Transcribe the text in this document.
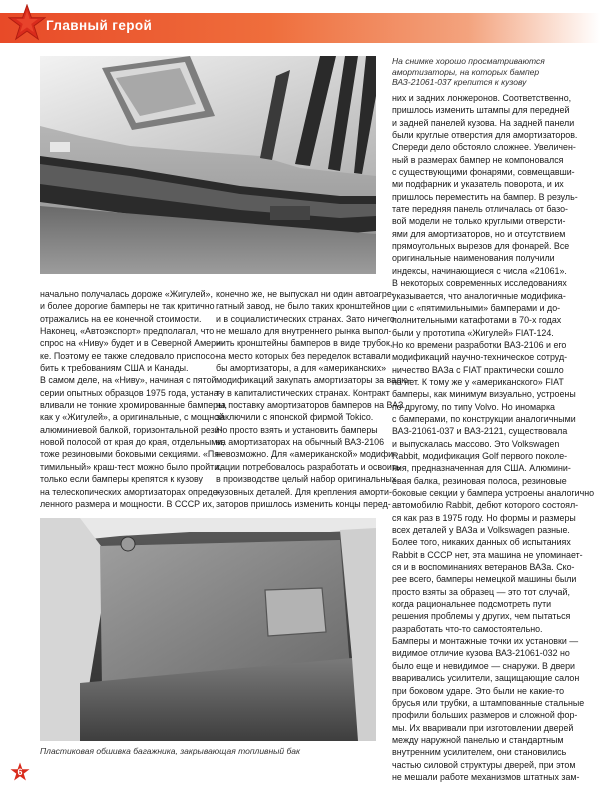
Главный герой
На снимке хорошо просматриваются
амортизаторы, на которых бампер
ВАЗ-21061-037 крепится к кузову
них и задних лонжеронов. Соответственно,
пришлось изменить штампы для передней
и задней панелей кузова. На задней панели
были круглые отверстия для амортизаторов.
Спереди дело обстояло сложнее. Увеличен-
ный в размерах бампер не компоновался
с существующими фонарями, совмещавши-
ми подфарник и указатель поворота, и их
пришлось переместить на бампер. В резуль-
тате передняя панель отличалась от базо-
вой модели не только круглыми отверсти-
ями для амортизаторов, но и отсутствием
прямоугольных вырезов для фонарей. Все
оригинальные наименования получили
индексы, начинающиеся с числа «21061».
В некоторых современных исследованиях
указывается, что аналогичные модифика-
ции с «пятимильными» бамперами и до-
полнительными катафотами в 70-х годах
были у прототипа «Жигулей» FIAT-124.
Но ко времени разработки ВАЗ-2106 и его
модификаций научно-техническое сотруд-
ничество ВАЗа с FIAT практически сошло
на нет. К тому же у «американского» FIAT
бамперы, как минимум визуально, устроены
по-другому, по типу Volvo. Но иномарка
с бамперами, по конструкции аналогичными
ВАЗ-21061-037 и ВАЗ-2121, существовала
и выпускалась массово. Это Volkswagen
Rabbit, модификация Golf первого поколе-
ния, предназначенная для США. Алюмини-
евая балка, резиновая полоса, резиновые
боковые секции у бампера устроены аналогично
автомобилю Rabbit, дебют которого состоял-
ся как раз в 1975 году. Но формы и размеры
всех деталей у ВАЗа и Volkswagen разные.
Более того, никаких данных об испытаниях
Rabbit в СССР нет, эта машина не упоминает-
ся и в воспоминаниях ветеранов ВАЗа. Ско-
рее всего, бамперы немецкой машины были
просто взяты за образец — это тот случай,
когда рациональнее подсмотреть пути
решения проблемы у других, чем пытаться
разработать что-то самостоятельно.
Бамперы и монтажные точки их установки —
видимое отличие кузова ВАЗ-21061-032 но
было еще и невидимое — снаружи. В двери
вваривались усилители, защищающие салон
при боковом ударе. Это были не какие-то
брусья или трубки, а штампованные стальные
профили больших размеров и сложной фор-
мы. Их вваривали при изготовлении дверей
между наружной панелью и стандартным
внутренним усилителем, они становились
частью силовой структуры дверей, при этом
не мешали работе механизмов штатных зам-
начально получалась дороже «Жигулей»,
и более дорогие бамперы не так критично
отражались на ее конечной стоимости.
Наконец, «Автоэкспорт» предполагал, что
спрос на «Ниву» будет и в Северной Амери-
ке. Поэтому ее также следовало приспосо-
бить к требованиям США и Канады.
В самом деле, на «Ниву», начиная с пятой
серии опытных образцов 1975 года, устана-
вливали не тонкие хромированные бамперы,
как у «Жигулей», а оригинальные, с мощной
алюминиевой балкой, горизонтальной рези-
новой полосой от края до края, отдельными,
тоже резиновыми боковыми секциями. «Пя-
тимильный» краш-тест можно было пройти,
только если бамперы крепятся к кузову
на телескопических амортизаторах опреде-
ленного размера и мощности. В СССР их,
конечно же, не выпускал ни один автоагре-
гатный завод, не было таких кронштейнов
и в социалистических странах. Зато ничего
не мешало для внутреннего рынка выпол-
нить кронштейны бамперов в виде трубок,
на место которых без переделок вставали
бы амортизаторы, а для «американских»
модификаций закупать амортизаторы за валю-
ту в капиталистических странах. Контракт
на поставку амортизаторов бамперов на ВАЗ
заключили с японской фирмой Tokico.
Но просто взять и установить бамперы
на амортизаторах на обычный ВАЗ-2106
невозможно. Для «американской» модифи-
кации потребовалось разработать и освоить
в производстве целый набор оригинальных
кузовных деталей. Для крепления аморти-
заторов пришлось изменить концы перед-
Пластиковая обшивка багажника, закрывающая топливный бак
6
